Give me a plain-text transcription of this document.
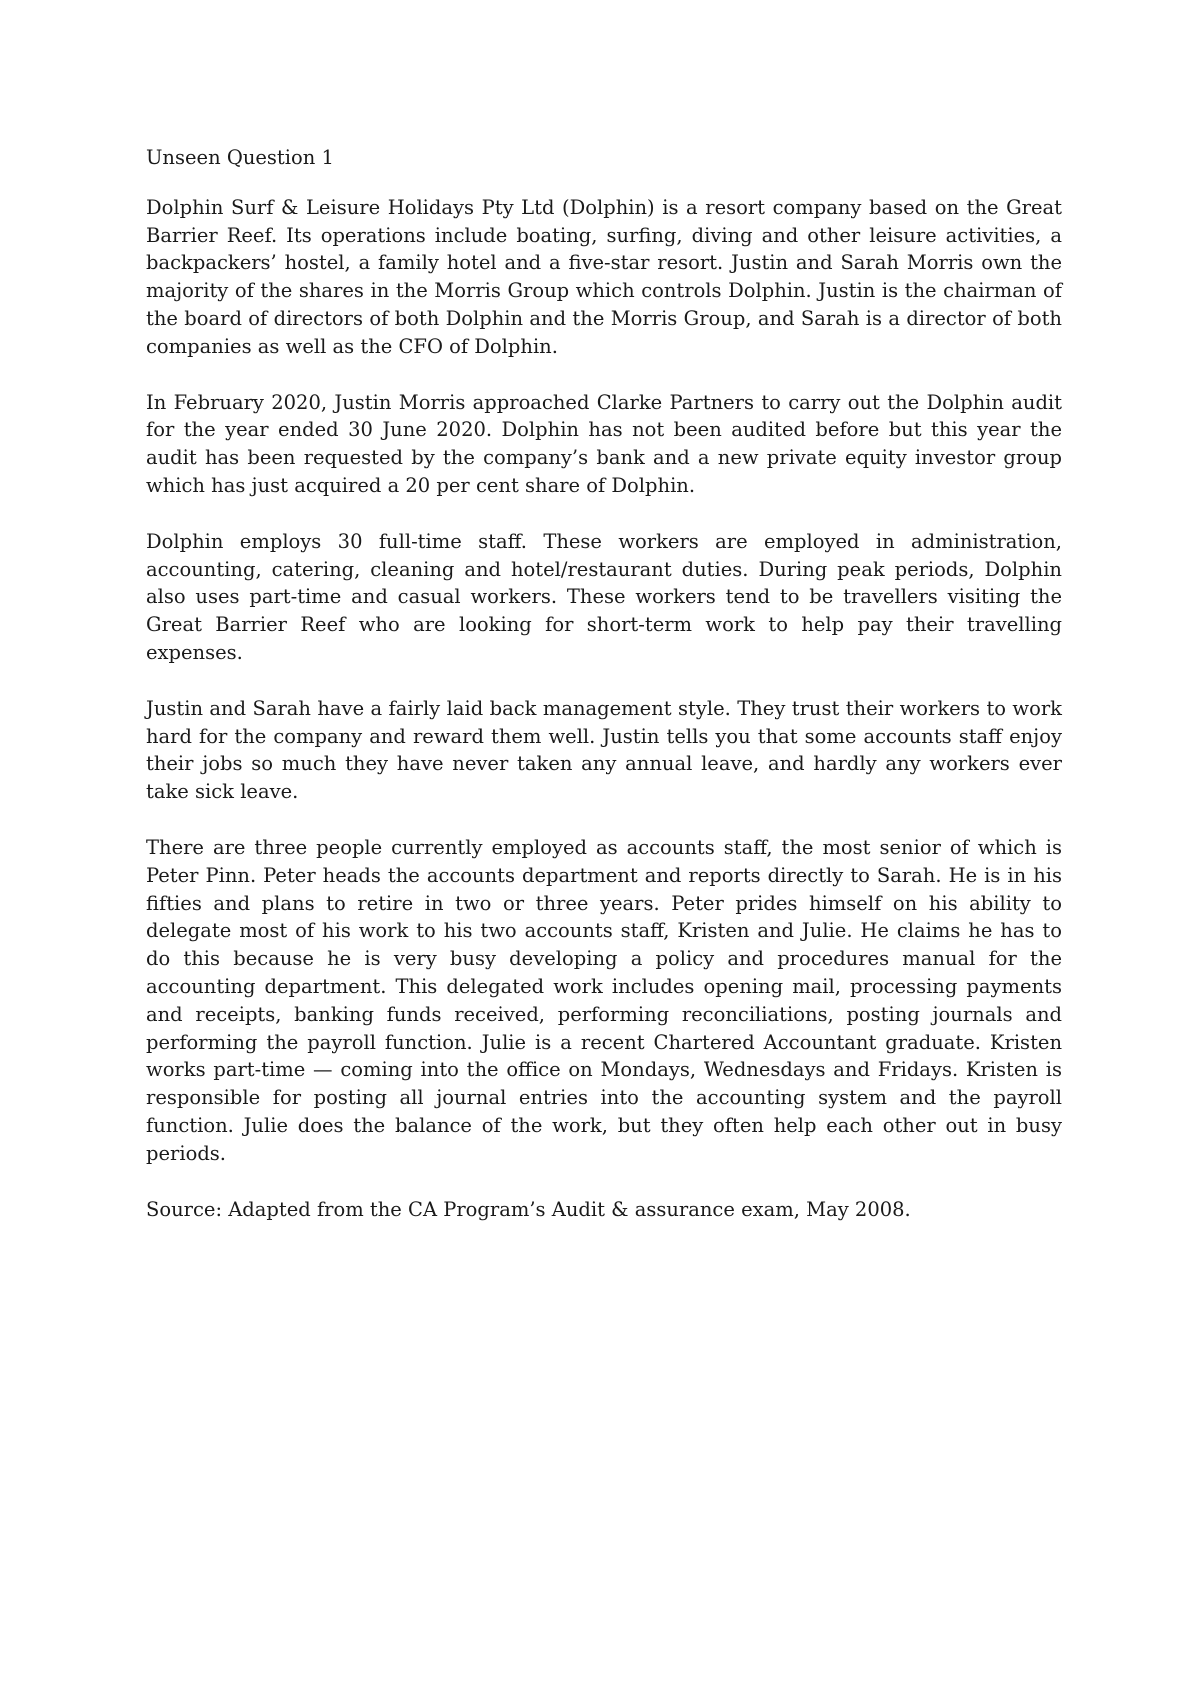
Unseen Question 1

Dolphin Surf & Leisure Holidays Pty Ltd (Dolphin) is a resort company based on the Great Barrier Reef. Its operations include boating, surfing, diving and other leisure activities, a backpackers’ hostel, a family hotel and a five-star resort. Justin and Sarah Morris own the majority of the shares in the Morris Group which controls Dolphin. Justin is the chairman of the board of directors of both Dolphin and the Morris Group, and Sarah is a director of both companies as well as the CFO of Dolphin.

In February 2020, Justin Morris approached Clarke Partners to carry out the Dolphin audit for the year ended 30 June 2020. Dolphin has not been audited before but this year the audit has been requested by the company’s bank and a new private equity investor group which has just acquired a 20 per cent share of Dolphin.

Dolphin employs 30 full-time staff. These workers are employed in administration, accounting, catering, cleaning and hotel/restaurant duties. During peak periods, Dolphin also uses part-time and casual workers. These workers tend to be travellers visiting the Great Barrier Reef who are looking for short-term work to help pay their travelling expenses.

Justin and Sarah have a fairly laid back management style. They trust their workers to work hard for the company and reward them well. Justin tells you that some accounts staff enjoy their jobs so much they have never taken any annual leave, and hardly any workers ever take sick leave.

There are three people currently employed as accounts staff, the most senior of which is Peter Pinn. Peter heads the accounts department and reports directly to Sarah. He is in his fifties and plans to retire in two or three years. Peter prides himself on his ability to delegate most of his work to his two accounts staff, Kristen and Julie. He claims he has to do this because he is very busy developing a policy and procedures manual for the accounting department. This delegated work includes opening mail, processing payments and receipts, banking funds received, performing reconciliations, posting journals and performing the payroll function. Julie is a recent Chartered Accountant graduate. Kristen works part-time — coming into the office on Mondays, Wednesdays and Fridays. Kristen is responsible for posting all journal entries into the accounting system and the payroll function. Julie does the balance of the work, but they often help each other out in busy periods.

Source: Adapted from the CA Program’s Audit & assurance exam, May 2008.
